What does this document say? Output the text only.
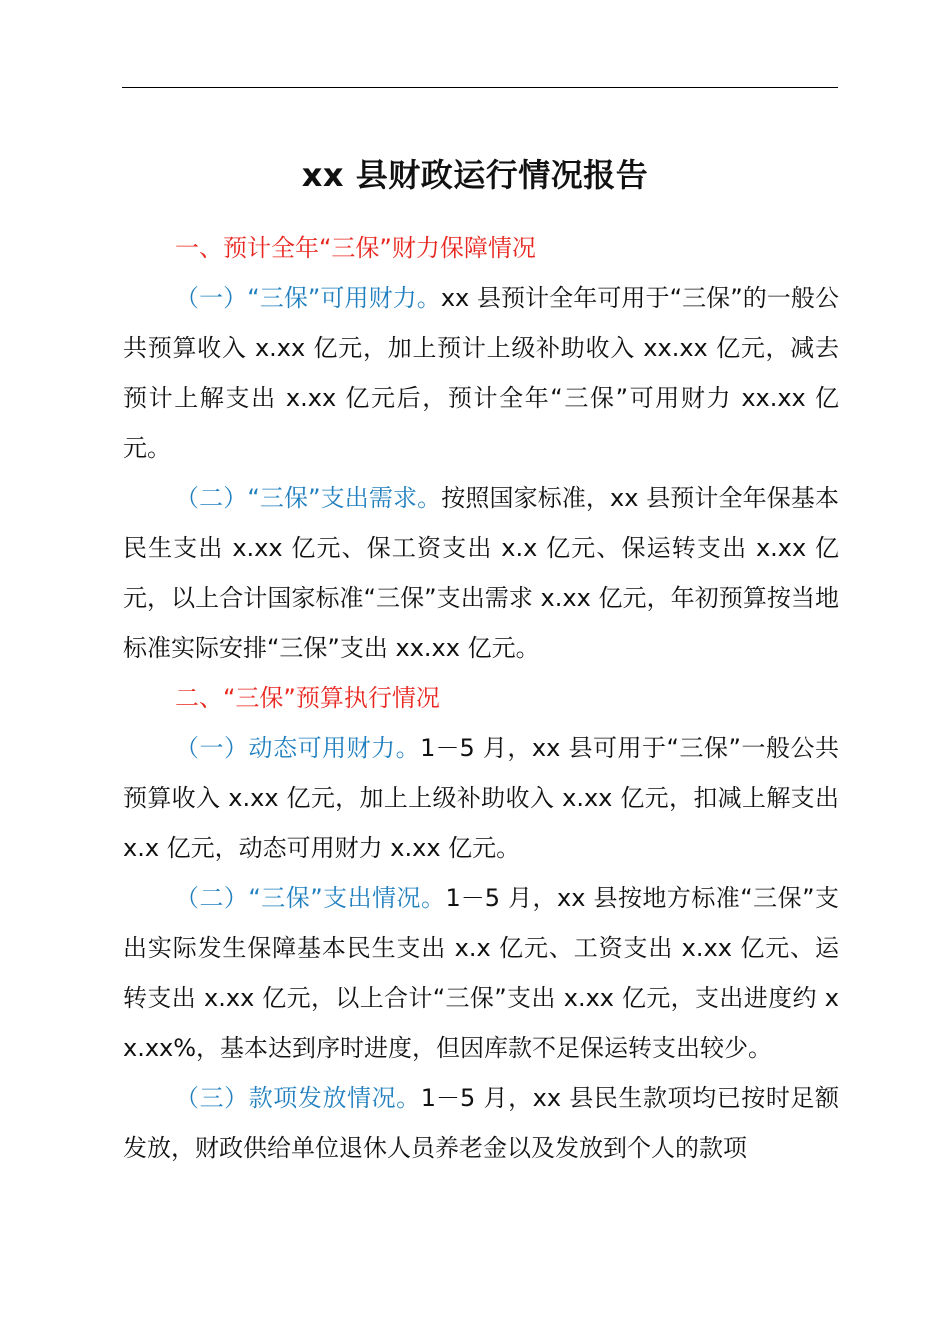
xx 县财政运行情况报告

一、预计全年“三保”财力保障情况

（一）“三保”可用财力。xx 县预计全年可用于“三保”的一般公共预算收入 x.xx 亿元，加上预计上级补助收入 xx.xx 亿元，减去预计上解支出 x.xx 亿元后，预计全年“三保”可用财力 xx.xx 亿元。

（二）“三保”支出需求。按照国家标准，xx 县预计全年保基本民生支出 x.xx 亿元、保工资支出 x.x 亿元、保运转支出 x.xx 亿元，以上合计国家标准“三保”支出需求 x.xx 亿元，年初预算按当地标准实际安排“三保”支出 xx.xx 亿元。

二、“三保”预算执行情况

（一）动态可用财力。1－5 月，xx 县可用于“三保”一般公共预算收入 x.xx 亿元，加上上级补助收入 x.xx 亿元，扣减上解支出 x.x 亿元，动态可用财力 x.xx 亿元。

（二）“三保”支出情况。1－5 月，xx 县按地方标准“三保”支出实际发生保障基本民生支出 x.x 亿元、工资支出 x.xx 亿元、运转支出 x.xx 亿元，以上合计“三保”支出 x.xx 亿元，支出进度约 xx.xx%，基本达到序时进度，但因库款不足保运转支出较少。

（三）款项发放情况。1－5 月，xx 县民生款项均已按时足额发放，财政供给单位退休人员养老金以及发放到个人的款项
